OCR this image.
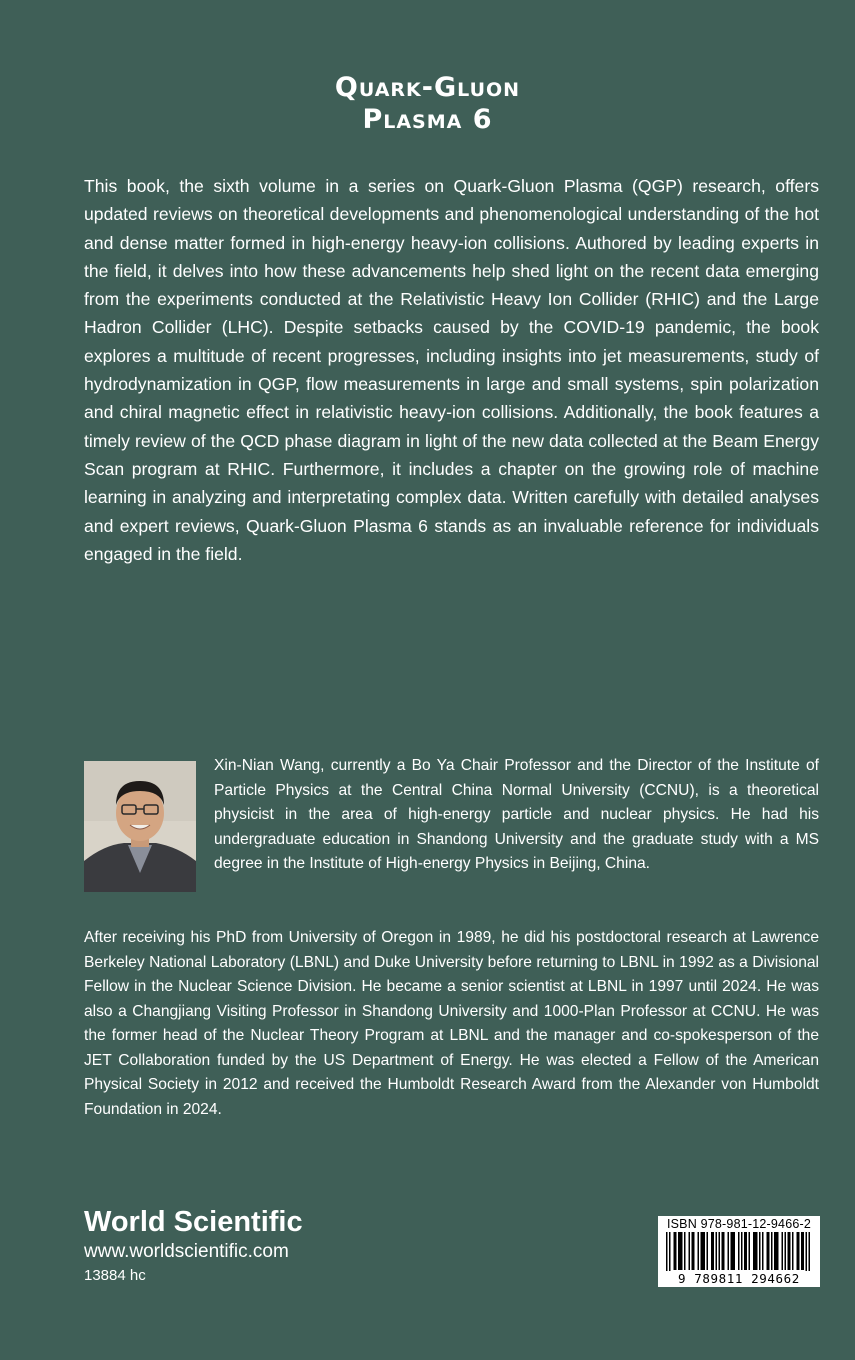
Quark-Gluon
Plasma 6

This book, the sixth volume in a series on Quark-Gluon Plasma (QGP) research, offers updated reviews on theoretical developments and phenomenological understanding of the hot and dense matter formed in high-energy heavy-ion collisions. Authored by leading experts in the field, it delves into how these advancements help shed light on the recent data emerging from the experiments conducted at the Relativistic Heavy Ion Collider (RHIC) and the Large Hadron Collider (LHC). Despite setbacks caused by the COVID-19 pandemic, the book explores a multitude of recent progresses, including insights into jet measurements, study of hydrodynamization in QGP, flow measurements in large and small systems, spin polarization and chiral magnetic effect in relativistic heavy-ion collisions. Additionally, the book features a timely review of the QCD phase diagram in light of the new data collected at the Beam Energy Scan program at RHIC. Furthermore, it includes a chapter on the growing role of machine learning in analyzing and interpretating complex data. Written carefully with detailed analyses and expert reviews, Quark-Gluon Plasma 6 stands as an invaluable reference for individuals engaged in the field.

Xin-Nian Wang, currently a Bo Ya Chair Professor and the Director of the Institute of Particle Physics at the Central China Normal University (CCNU), is a theoretical physicist in the area of high-energy particle and nuclear physics. He had his undergraduate education in Shandong University and the graduate study with a MS degree in the Institute of High-energy Physics in Beijing, China.

After receiving his PhD from University of Oregon in 1989, he did his postdoctoral research at Lawrence Berkeley National Laboratory (LBNL) and Duke University before returning to LBNL in 1992 as a Divisional Fellow in the Nuclear Science Division. He became a senior scientist at LBNL in 1997 until 2024. He was also a Changjiang Visiting Professor in Shandong University and 1000-Plan Professor at CCNU. He was the former head of the Nuclear Theory Program at LBNL and the manager and co-spokesperson of the JET Collaboration funded by the US Department of Energy. He was elected a Fellow of the American Physical Society in 2012 and received the Humboldt Research Award from the Alexander von Humboldt Foundation in 2024.

World Scientific
www.worldscientific.com
13884 hc
ISBN 978-981-12-9466-2
9 789811 294662
